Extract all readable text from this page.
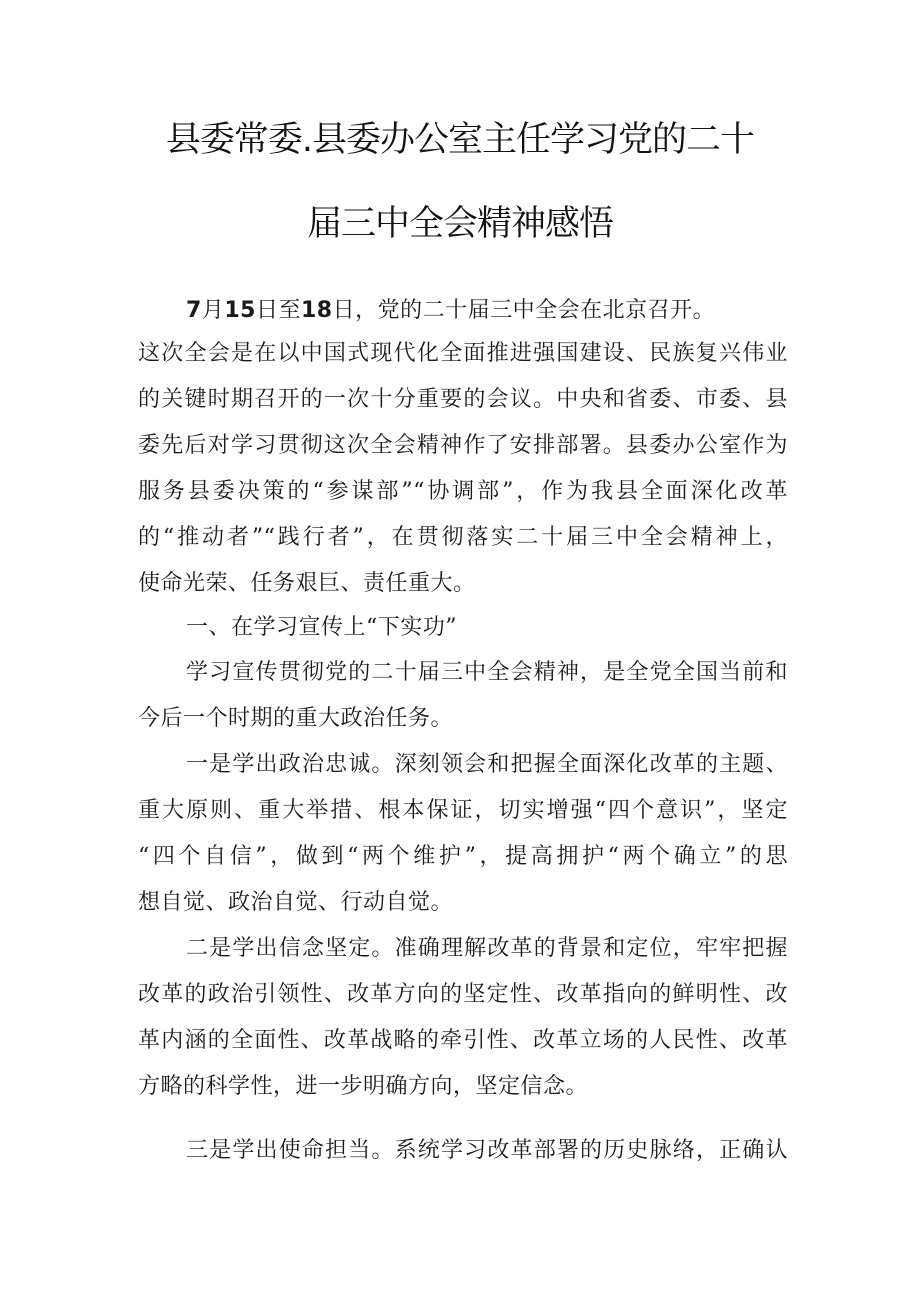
县委常委.县委办公室主任学习党的二十
届三中全会精神感悟
7月15日至18日，党的二十届三中全会在北京召开。
这次全会是在以中国式现代化全面推进强国建设、民族复兴伟业
的关键时期召开的一次十分重要的会议。中央和省委、市委、县
委先后对学习贯彻这次全会精神作了安排部署。县委办公室作为
服务县委决策的“参谋部”“协调部”，作为我县全面深化改革
的“推动者”“践行者”，在贯彻落实二十届三中全会精神上，
使命光荣、任务艰巨、责任重大。
一、在学习宣传上“下实功”
学习宣传贯彻党的二十届三中全会精神，是全党全国当前和
今后一个时期的重大政治任务。
一是学出政治忠诚。深刻领会和把握全面深化改革的主题、
重大原则、重大举措、根本保证，切实增强“四个意识”，坚定
“四个自信”，做到“两个维护”，提高拥护“两个确立”的思
想自觉、政治自觉、行动自觉。
二是学出信念坚定。准确理解改革的背景和定位，牢牢把握
改革的政治引领性、改革方向的坚定性、改革指向的鲜明性、改
革内涵的全面性、改革战略的牵引性、改革立场的人民性、改革
方略的科学性，进一步明确方向，坚定信念。
三是学出使命担当。系统学习改革部署的历史脉络，正确认
